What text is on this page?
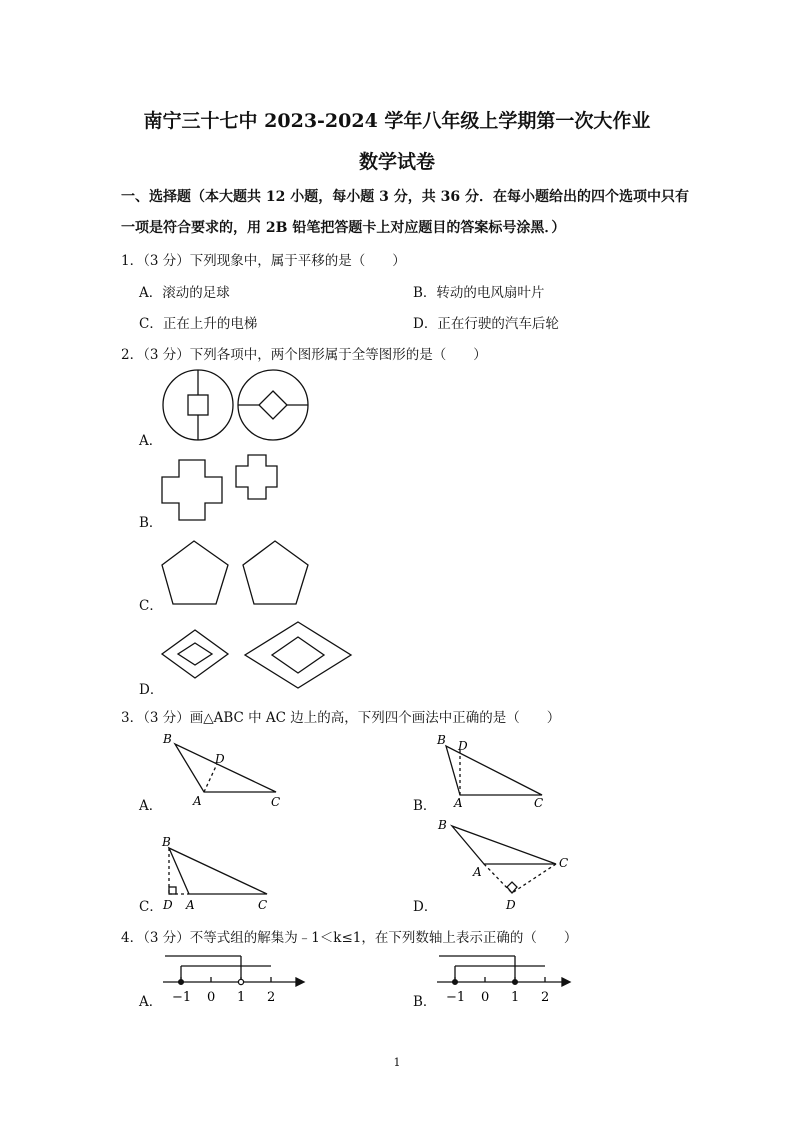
南宁三十七中 2023-2024 学年八年级上学期第一次大作业
数学试卷
一、选择题（本大题共 12 小题，每小题 3 分，共 36 分．在每小题给出的四个选项中只有
一项是符合要求的，用 2B 铅笔把答题卡上对应题目的答案标号涂黑．）
1．（3 分）下列现象中，属于平移的是（　　）
A．滚动的足球	B．转动的电风扇叶片
C．正在上升的电梯	D．正在行驶的汽车后轮
2．（3 分）下列各项中，两个图形属于全等图形的是（　　）
A．
B．
C．
D．
3．（3 分）画△ABC 中 AC 边上的高，下列四个画法中正确的是（　　）
A．	B．
C．	D．
B
D
A	C
B D
A	C
B
D A	C
B
A
C
D
4．（3 分）不等式组的解集为﹣1＜k≤1，在下列数轴上表示正确的（　　）
A．	B．
−1 0 1 2	−1 0 1 2
1
